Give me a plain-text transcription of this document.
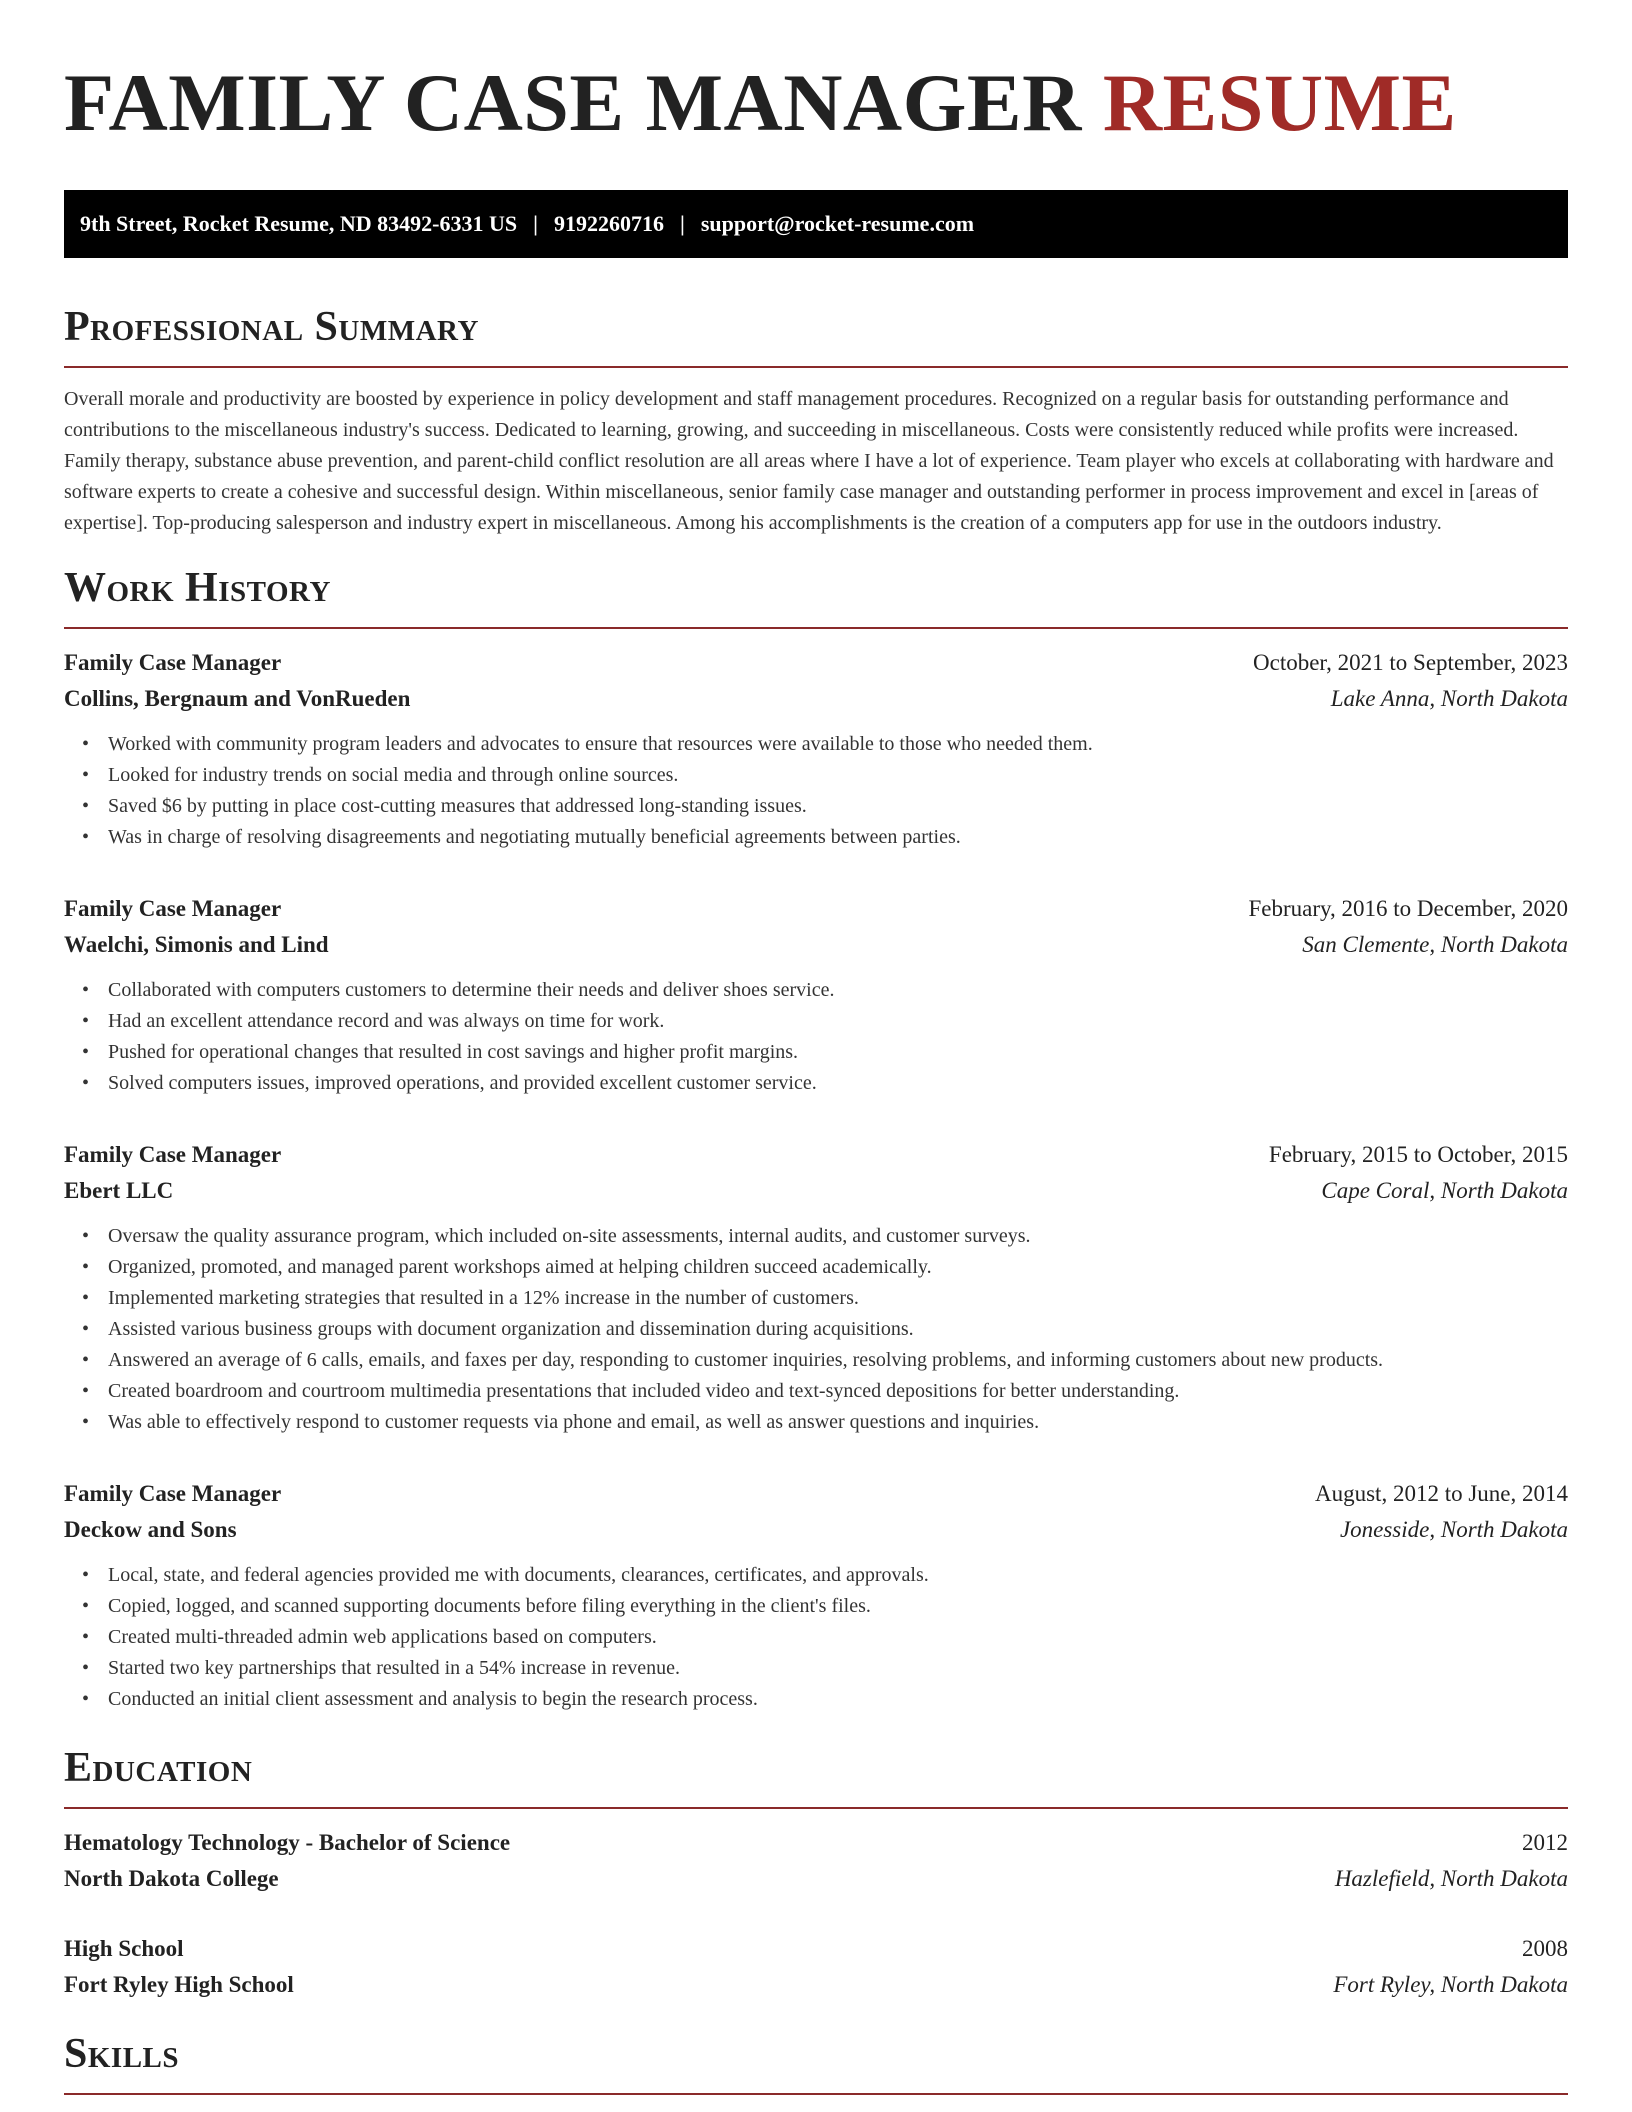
FAMILY CASE MANAGER RESUME
9th Street, Rocket Resume, ND 83492-6331 US | 9192260716 | support@rocket-resume.com
Professional Summary

Overall morale and productivity are boosted by experience in policy development and staff management procedures. Recognized on a regular basis for outstanding performance and contributions to the miscellaneous industry's success. Dedicated to learning, growing, and succeeding in miscellaneous. Costs were consistently reduced while profits were increased. Family therapy, substance abuse prevention, and parent-child conflict resolution are all areas where I have a lot of experience. Team player who excels at collaborating with hardware and software experts to create a cohesive and successful design. Within miscellaneous, senior family case manager and outstanding performer in process improvement and excel in [areas of expertise]. Top-producing salesperson and industry expert in miscellaneous. Among his accomplishments is the creation of a computers app for use in the outdoors industry.

Work History
Family Case Manager	October, 2021 to September, 2023
Collins, Bergnaum and VonRueden	Lake Anna, North Dakota
• Worked with community program leaders and advocates to ensure that resources were available to those who needed them.
• Looked for industry trends on social media and through online sources.
• Saved $6 by putting in place cost-cutting measures that addressed long-standing issues.
• Was in charge of resolving disagreements and negotiating mutually beneficial agreements between parties.
Family Case Manager	February, 2016 to December, 2020
Waelchi, Simonis and Lind	San Clemente, North Dakota
• Collaborated with computers customers to determine their needs and deliver shoes service.
• Had an excellent attendance record and was always on time for work.
• Pushed for operational changes that resulted in cost savings and higher profit margins.
• Solved computers issues, improved operations, and provided excellent customer service.
Family Case Manager	February, 2015 to October, 2015
Ebert LLC	Cape Coral, North Dakota
• Oversaw the quality assurance program, which included on-site assessments, internal audits, and customer surveys.
• Organized, promoted, and managed parent workshops aimed at helping children succeed academically.
• Implemented marketing strategies that resulted in a 12% increase in the number of customers.
• Assisted various business groups with document organization and dissemination during acquisitions.
• Answered an average of 6 calls, emails, and faxes per day, responding to customer inquiries, resolving problems, and informing customers about new products.
• Created boardroom and courtroom multimedia presentations that included video and text-synced depositions for better understanding.
• Was able to effectively respond to customer requests via phone and email, as well as answer questions and inquiries.
Family Case Manager	August, 2012 to June, 2014
Deckow and Sons	Jonesside, North Dakota
• Local, state, and federal agencies provided me with documents, clearances, certificates, and approvals.
• Copied, logged, and scanned supporting documents before filing everything in the client's files.
• Created multi-threaded admin web applications based on computers.
• Started two key partnerships that resulted in a 54% increase in revenue.
• Conducted an initial client assessment and analysis to begin the research process.
Education
Hematology Technology - Bachelor of Science	2012
North Dakota College	Hazlefield, North Dakota
High School	2008
Fort Ryley High School	Fort Ryley, North Dakota
Skills
